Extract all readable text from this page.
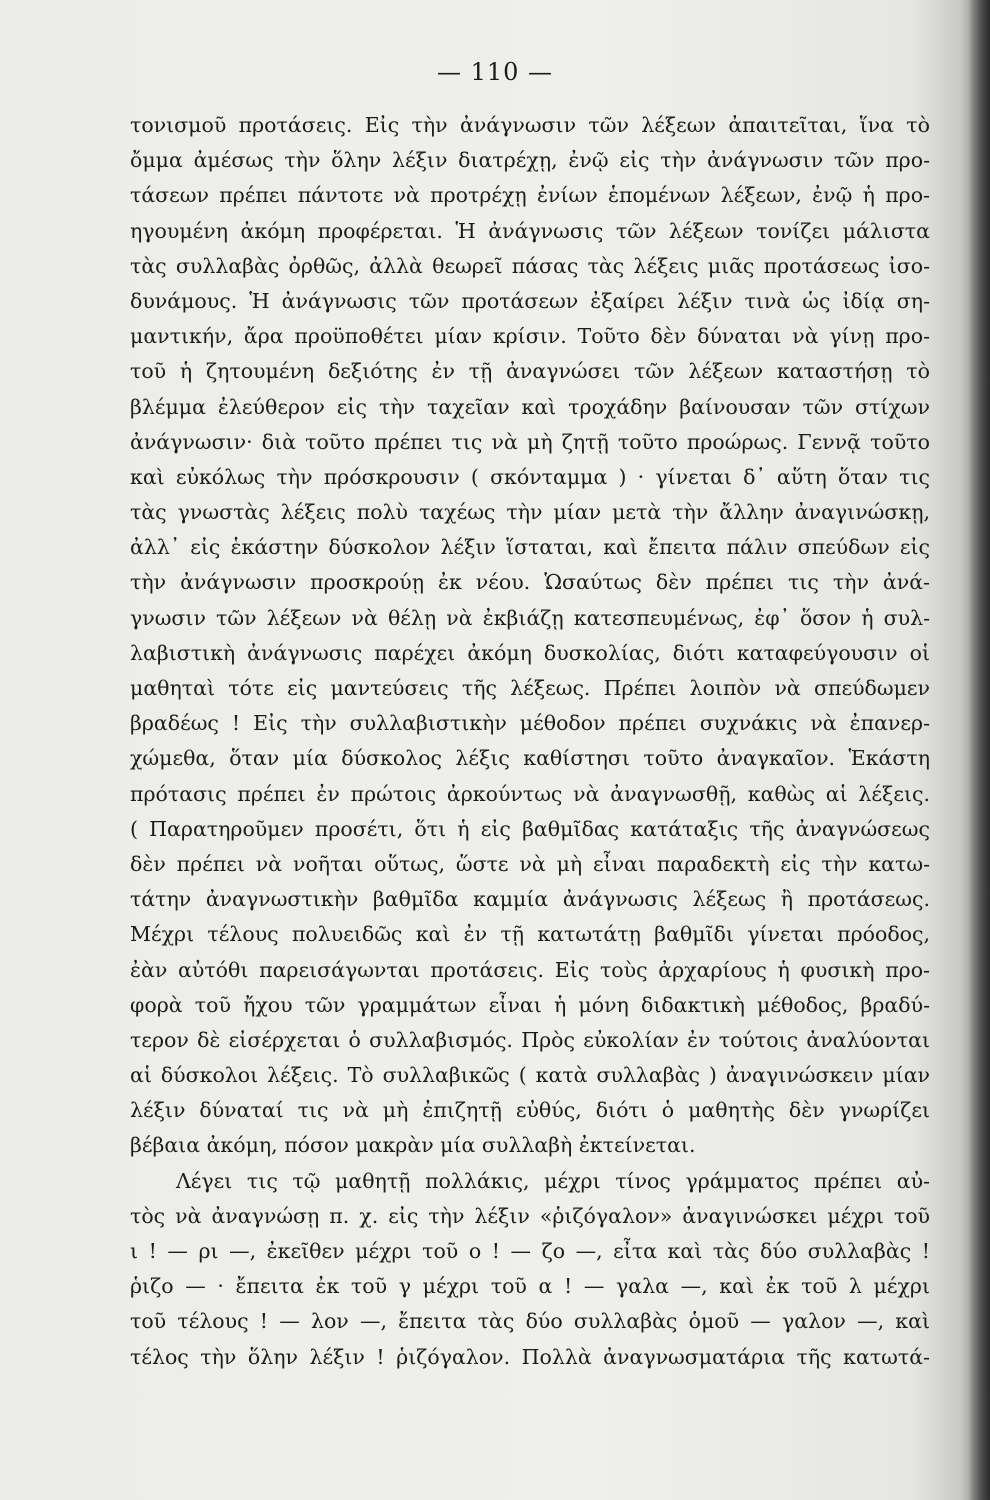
— 110 —
τονισμοῦ προτάσεις. Εἰς τὴν ἀνάγνωσιν τῶν λέξεων ἀπαιτεῖται, ἵνα τὸ
ὄμμα ἀμέσως τὴν ὅλην λέξιν διατρέχῃ, ἐνῷ εἰς τὴν ἀνάγνωσιν τῶν προ-
τάσεων πρέπει πάντοτε νὰ προτρέχῃ ἐνίων ἑπομένων λέξεων, ἐνῷ ἡ προ-
ηγουμένη ἀκόμη προφέρεται. Ἡ ἀνάγνωσις τῶν λέξεων τονίζει μάλιστα
τὰς συλλαβὰς ὀρθῶς, ἀλλὰ θεωρεῖ πάσας τὰς λέξεις μιᾶς προτάσεως ἰσο-
δυνάμους. Ἡ ἀνάγνωσις τῶν προτάσεων ἐξαίρει λέξιν τινὰ ὡς ἰδίᾳ ση-
μαντικήν, ἄρα προϋποθέτει μίαν κρίσιν. Τοῦτο δὲν δύναται νὰ γίνῃ προ-
τοῦ ἡ ζητουμένη δεξιότης ἐν τῇ ἀναγνώσει τῶν λέξεων καταστήσῃ τὸ
βλέμμα ἐλεύθερον εἰς τὴν ταχεῖαν καὶ τροχάδην βαίνουσαν τῶν στίχων
ἀνάγνωσιν· διὰ τοῦτο πρέπει τις νὰ μὴ ζητῇ τοῦτο προώρως. Γεννᾷ τοῦτο
καὶ εὐκόλως τὴν πρόσκρουσιν ( σκόνταμμα ) · γίνεται δ᾽ αὕτη ὅταν τις
τὰς γνωστὰς λέξεις πολὺ ταχέως τὴν μίαν μετὰ τὴν ἄλλην ἀναγινώσκῃ,
ἀλλ᾽ εἰς ἑκάστην δύσκολον λέξιν ἵσταται, καὶ ἔπειτα πάλιν σπεύδων εἰς
τὴν ἀνάγνωσιν προσκρούῃ ἐκ νέου. Ὡσαύτως δὲν πρέπει τις τὴν ἀνά-
γνωσιν τῶν λέξεων νὰ θέλῃ νὰ ἐκβιάζῃ κατεσπευμένως, ἐφ᾽ ὅσον ἡ συλ-
λαβιστικὴ ἀνάγνωσις παρέχει ἀκόμη δυσκολίας, διότι καταφεύγουσιν οἱ
μαθηταὶ τότε εἰς μαντεύσεις τῆς λέξεως. Πρέπει λοιπὸν νὰ σπεύδωμεν
βραδέως ! Εἰς τὴν συλλαβιστικὴν μέθοδον πρέπει συχνάκις νὰ ἐπανερ-
χώμεθα, ὅταν μία δύσκολος λέξις καθίστησι τοῦτο ἀναγκαῖον. Ἑκάστη
πρότασις πρέπει ἐν πρώτοις ἀρκούντως νὰ ἀναγνωσθῇ, καθὼς αἱ λέξεις.
( Παρατηροῦμεν προσέτι, ὅτι ἡ εἰς βαθμῖδας κατάταξις τῆς ἀναγνώσεως
δὲν πρέπει νὰ νοῆται οὕτως, ὥστε νὰ μὴ εἶναι παραδεκτὴ εἰς τὴν κατω-
τάτην ἀναγνωστικὴν βαθμῖδα καμμία ἀνάγνωσις λέξεως ἢ προτάσεως.
Μέχρι τέλους πολυειδῶς καὶ ἐν τῇ κατωτάτῃ βαθμῖδι γίνεται πρόοδος,
ἐὰν αὐτόθι παρεισάγωνται προτάσεις. Εἰς τοὺς ἀρχαρίους ἡ φυσικὴ προ-
φορὰ τοῦ ἤχου τῶν γραμμάτων εἶναι ἡ μόνη διδακτικὴ μέθοδος, βραδύ-
τερον δὲ εἰσέρχεται ὁ συλλαβισμός. Πρὸς εὐκολίαν ἐν τούτοις ἀναλύονται
αἱ δύσκολοι λέξεις. Τὸ συλλαβικῶς ( κατὰ συλλαβὰς ) ἀναγινώσκειν μίαν
λέξιν δύναταί τις νὰ μὴ ἐπιζητῇ εὐθύς, διότι ὁ μαθητὴς δὲν γνωρίζει
βέβαια ἀκόμη, πόσον μακρὰν μία συλλαβὴ ἐκτείνεται.
Λέγει τις τῷ μαθητῇ πολλάκις, μέχρι τίνος γράμματος πρέπει αὐ-
τὸς νὰ ἀναγνώσῃ π. χ. εἰς τὴν λέξιν «ῥιζόγαλον» ἀναγινώσκει μέχρι τοῦ
ι ! — ρι —, ἐκεῖθεν μέχρι τοῦ ο ! — ζο —, εἶτα καὶ τὰς δύο συλλαβὰς !
ῥιζο — · ἔπειτα ἐκ τοῦ γ μέχρι τοῦ α ! — γαλα —, καὶ ἐκ τοῦ λ μέχρι
τοῦ τέλους ! — λον —, ἔπειτα τὰς δύο συλλαβὰς ὁμοῦ — γαλον —, καὶ
τέλος τὴν ὅλην λέξιν ! ῥιζόγαλον. Πολλὰ ἀναγνωσματάρια τῆς κατωτά-
